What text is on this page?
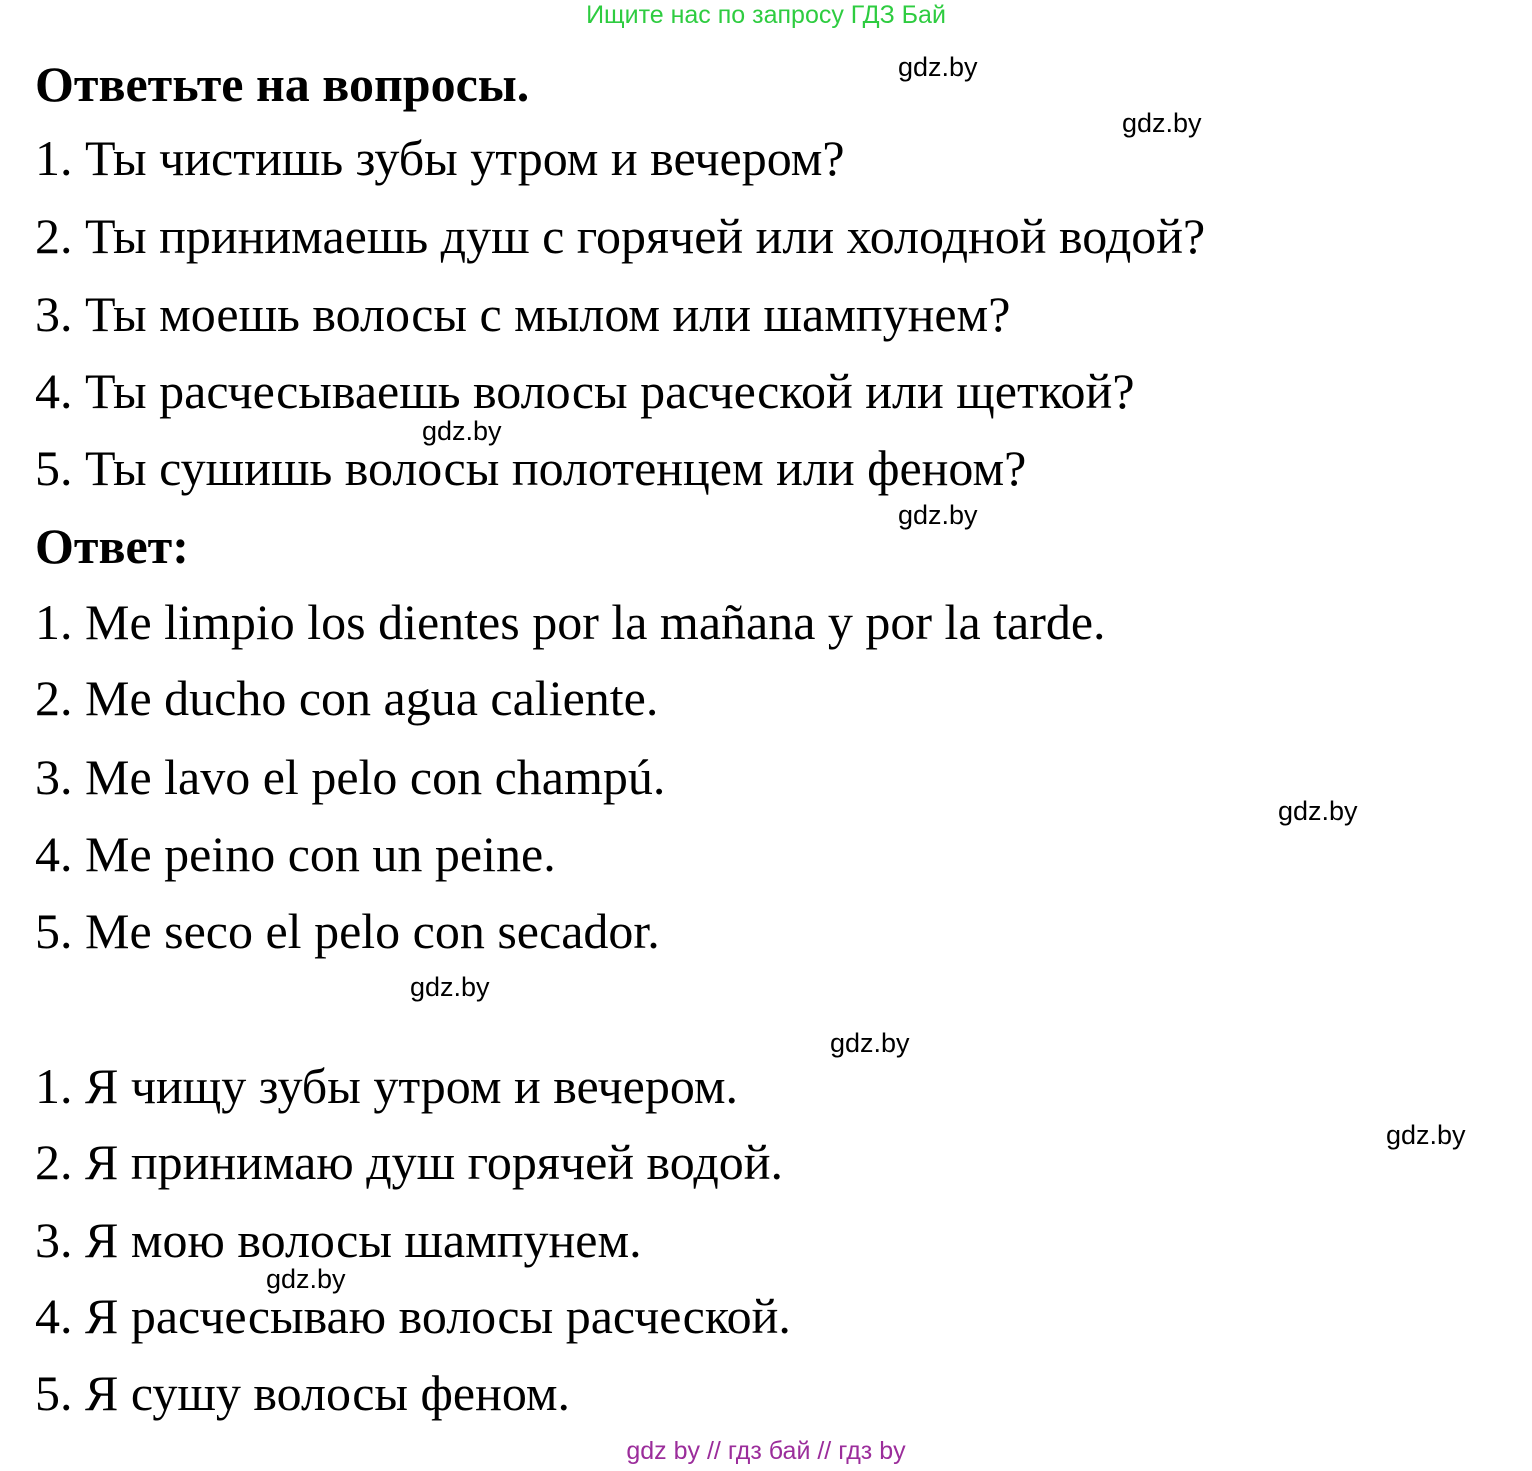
Ищите нас по запросу ГДЗ Бай
Ответьте на вопросы.
1. Ты чистишь зубы утром и вечером?
2. Ты принимаешь душ с горячей или холодной водой?
3. Ты моешь волосы с мылом или шампунем?
4. Ты расчесываешь волосы расческой или щеткой?
5. Ты сушишь волосы полотенцем или феном?
Ответ:
1. Me limpio los dientes por la mañana y por la tarde.
2. Me ducho con agua caliente.
3. Me lavo el pelo con champú.
4. Me peino con un peine.
5. Me seco el pelo con secador.
1. Я чищу зубы утром и вечером.
2. Я принимаю душ горячей водой.
3. Я мою волосы шампунем.
4. Я расчесываю волосы расческой.
5. Я сушу волосы феном.
gdz.by
gdz.by
gdz.by
gdz.by
gdz.by
gdz.by
gdz.by
gdz.by
gdz.by
gdz by // гдз бай // гдз by
